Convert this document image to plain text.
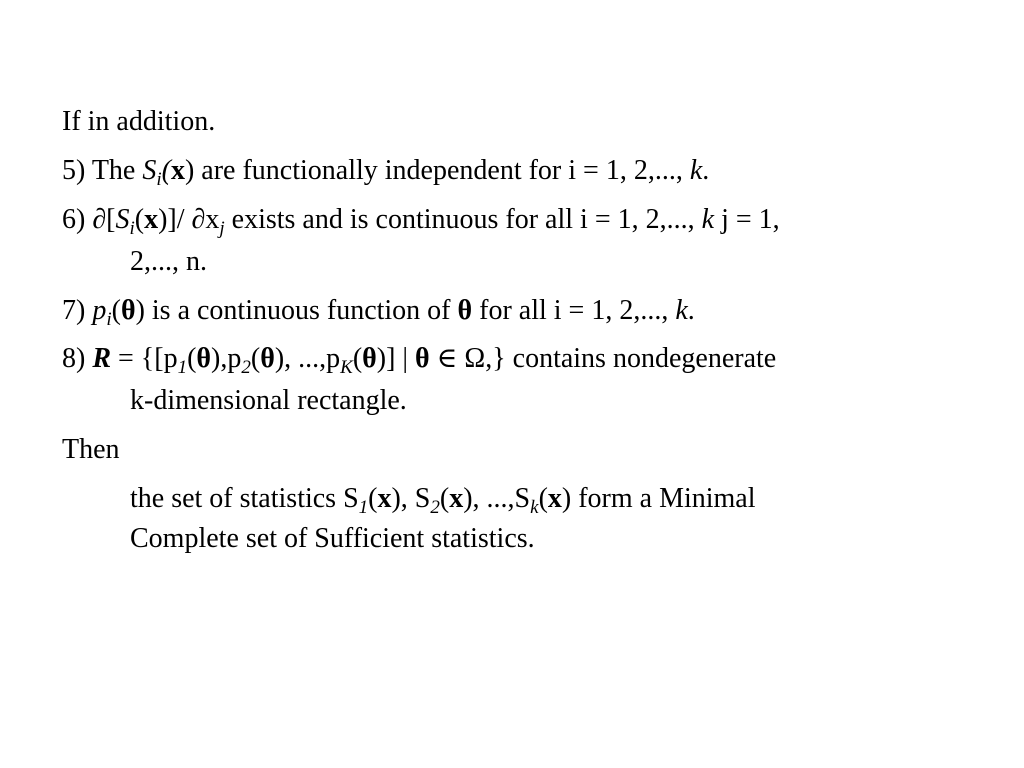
If in addition.
5) The $S_i(x)$ are functionally independent for i = 1, 2,..., k.
6) $\partial[S_i(x)]/$ $\partial x_j$ exists and is continuous for all i = 1, 2,..., k j = 1,
2,..., n.
7) $p_i(\theta)$ is a continuous function of θ for all i = 1, 2,..., k.
8) $R = \{[p_1(\theta),p_2(\theta)$, $...,p_K(\theta)$] | θ ∈ Ω,} contains nondegenerate
k-dimensional rectangle.
Then
the set of statistics $S_1(x)$, $S_2(x)$, $...,S_k(x)$ form a Minimal
Complete set of Sufficient statistics.
